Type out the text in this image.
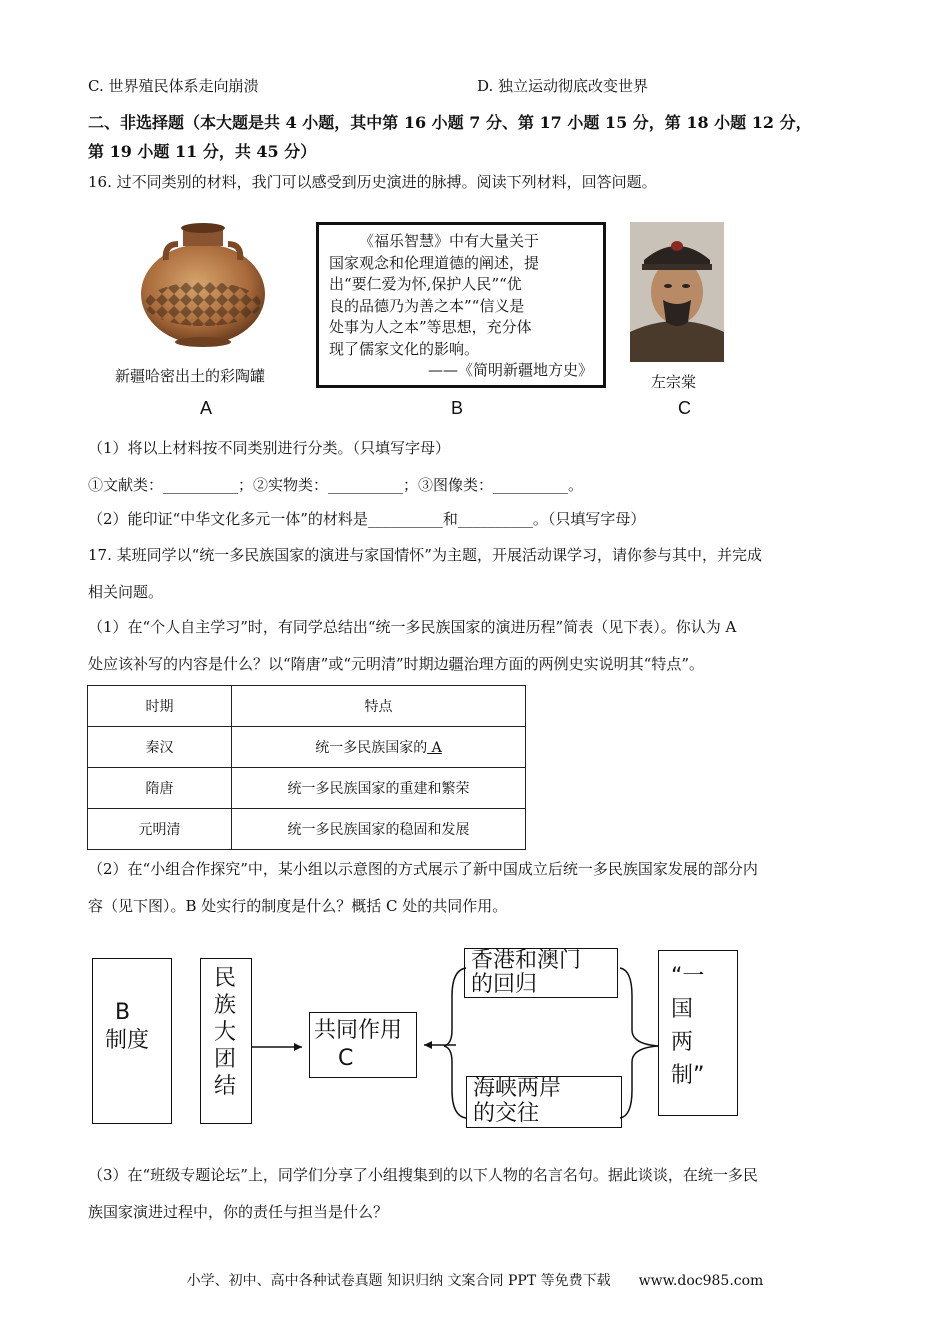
C. 世界殖民体系走向崩溃	D. 独立运动彻底改变世界
二、非选择题（本大题是共 4 小题，其中第 16 小题 7 分、第 17 小题 15 分，第 18 小题 12 分，
第 19 小题 11 分，共 45 分）
16. 过不同类别的材料，我门可以感受到历史演进的脉搏。阅读下列材料，回答问题。
新疆哈密出土的彩陶罐
A
《福乐智慧》中有大量关于
国家观念和伦理道德的阐述，提
出“要仁爱为怀,保护人民”“优
良的品德乃为善之本”“信义是
处事为人之本”等思想，充分体
现了儒家文化的影响。
——《简明新疆地方史》
B
左宗棠
C
（1）将以上材料按不同类别进行分类。（只填写字母）
①文献类：__________；②实物类：__________；③图像类：__________。
（2）能印证“中华文化多元一体”的材料是__________和__________。（只填写字母）
17. 某班同学以“统一多民族国家的演进与家国情怀”为主题，开展活动课学习，请你参与其中，并完成
相关问题。
（1）在“个人自主学习”时，有同学总结出“统一多民族国家的演进历程”简表（见下表）。你认为 A
处应该补写的内容是什么？以“隋唐”或“元明清”时期边疆治理方面的两例史实说明其“特点”。
时期	特点
秦汉	统一多民族国家的 A
隋唐	统一多民族国家的重建和繁荣
元明清	统一多民族国家的稳固和发展
（2）在“小组合作探究”中，某小组以示意图的方式展示了新中国成立后统一多民族国家发展的部分内
容（见下图）。B 处实行的制度是什么？概括 C 处的共同作用。
B
制度
民
族
大
团
结
共同作用
C
香港和澳门
的回归
海峡两岸
的交往
“一
国
两
制”
（3）在“班级专题论坛”上，同学们分享了小组搜集到的以下人物的名言名句。据此谈谈，在统一多民
族国家演进过程中，你的责任与担当是什么？
小学、初中、高中各种试卷真题 知识归纳 文案合同 PPT 等免费下载　　www.doc985.com
